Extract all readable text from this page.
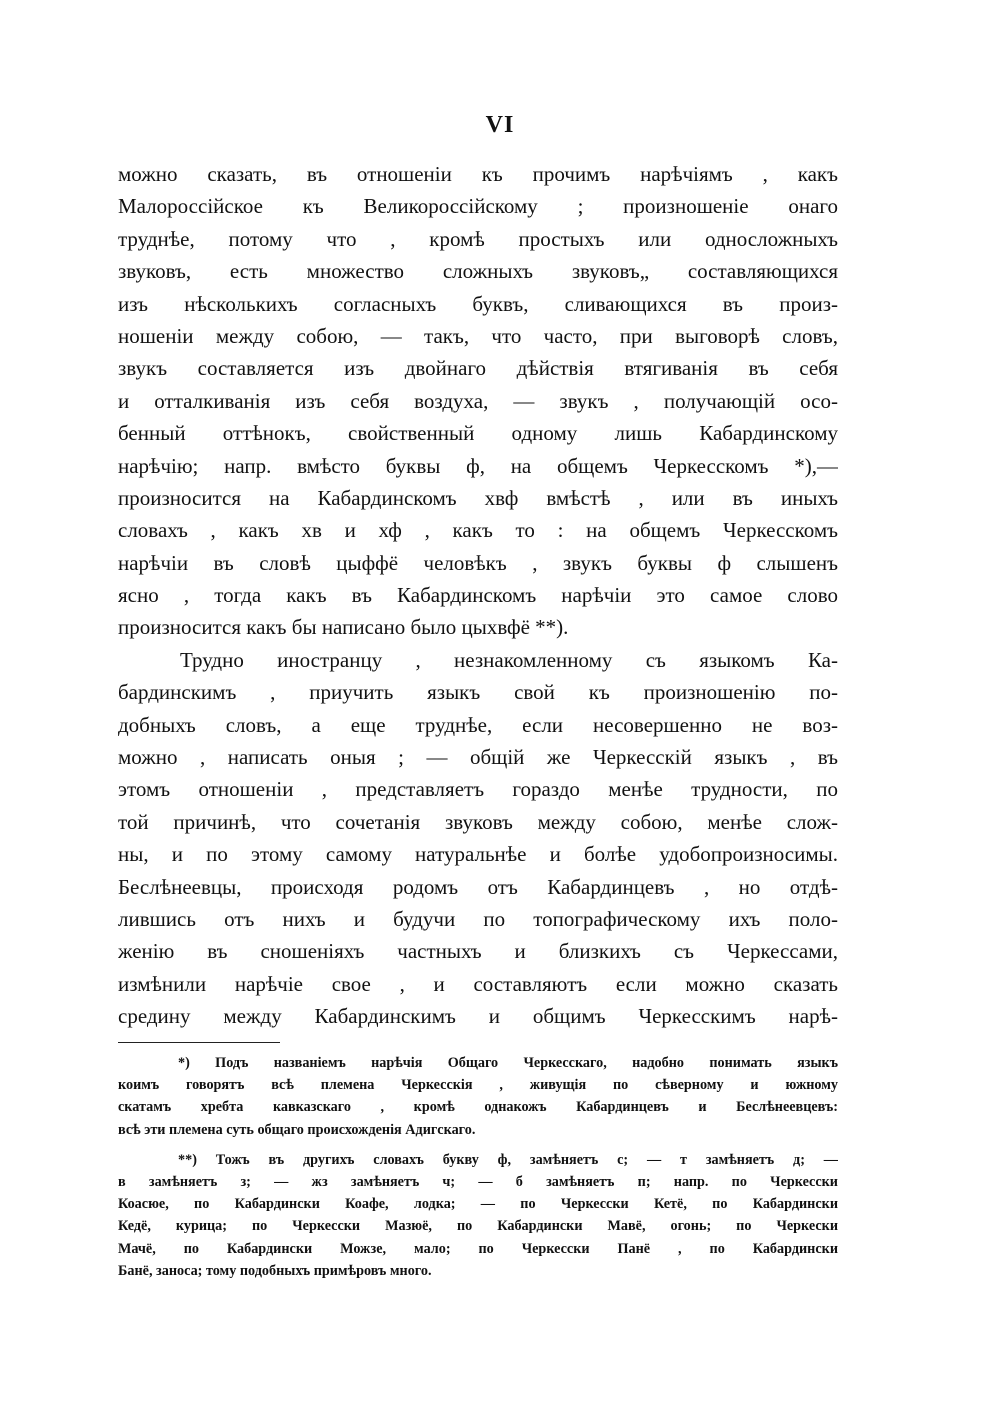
VI
можно сказать, въ отношеніи къ прочимъ нарѣчіямъ , какъ
Малороссійское къ Великороссійскому ; произношеніе онаго
труднѣе, потому что , кромѣ простыхъ или односложныхъ
звуковъ, есть множество сложныхъ звуковъ„ составляющихся
изъ нѣсколькихъ согласныхъ буквъ, сливающихся въ произ-
ношеніи между собою, — такъ, что часто, при выговорѣ словъ,
звукъ составляется изъ двойнаго дѣйствія втягиванія въ себя
и отталкиванія изъ себя воздуха, — звукъ , получающій осо-
бенный оттѣнокъ, свойственный одному лишь Кабардинскому
нарѣчію; напр. вмѣсто буквы ф, на общемъ Черкесскомъ *),—
произносится на Кабардинскомъ хвф вмѣстѣ , или въ иныхъ
словахъ , какъ хв и хф , какъ то : на общемъ Черкесскомъ
нарѣчіи въ словѣ цыффё человѣкъ , звукъ буквы ф слышенъ
ясно , тогда какъ въ Кабардинскомъ нарѣчіи это самое слово
произносится какъ бы написано было цыхвфё **).
Трудно иностранцу , незнакомленному съ языкомъ Ка-
бардинскимъ , приучить языкъ свой къ произношенію по-
добныхъ словъ, а еще труднѣе, если несовершенно не воз-
можно , написать оныя ; — общій же Черкесскій языкъ , въ
этомъ отношеніи , представляетъ гораздо менѣе трудности, по
той причинѣ, что сочетанія звуковъ между собою, менѣе слож-
ны, и по этому самому натуральнѣе и болѣе удобопроизносимы.
Беслѣнеевцы, происходя родомъ отъ Кабардинцевъ , но отдѣ-
лившись отъ нихъ и будучи по топографическому ихъ поло-
женію въ сношеніяхъ частныхъ и близкихъ съ Черкессами,
измѣнили нарѣчіе свое , и составляютъ если можно сказать
средину между Кабардинскимъ и общимъ Черкесскимъ нарѣ-
*) Подъ названіемъ нарѣчія Общаго Черкесскаго, надобно понимать языкъ
коимъ говорятъ всѣ племена Черкесскія , живущія по сѣверному и южному
скатамъ хребта кавказскаго , кромѣ однакожъ Кабардинцевъ и Беслѣнеевцевъ:
всѣ эти племена суть общаго происхожденія Адигскаго.
**) Тожъ въ другихъ словахъ букву ф, замѣняетъ с; — т замѣняетъ д; —
в замѣняетъ з; — жз замѣняетъ ч; — б замѣняетъ п; напр. по Черкесски
Коасюе, по Кабардински Коафе, лодка; — по Черкесски Кетё, по Кабардински
Кедё, курица; по Черкесски Мазюё, по Кабардински Мавё, огонь; по Черкески
Мачё, по Кабардински Можзе, мало; по Черкесски Панё , по Кабардински
Банё, заноса; тому подобныхъ примѣровъ много.
